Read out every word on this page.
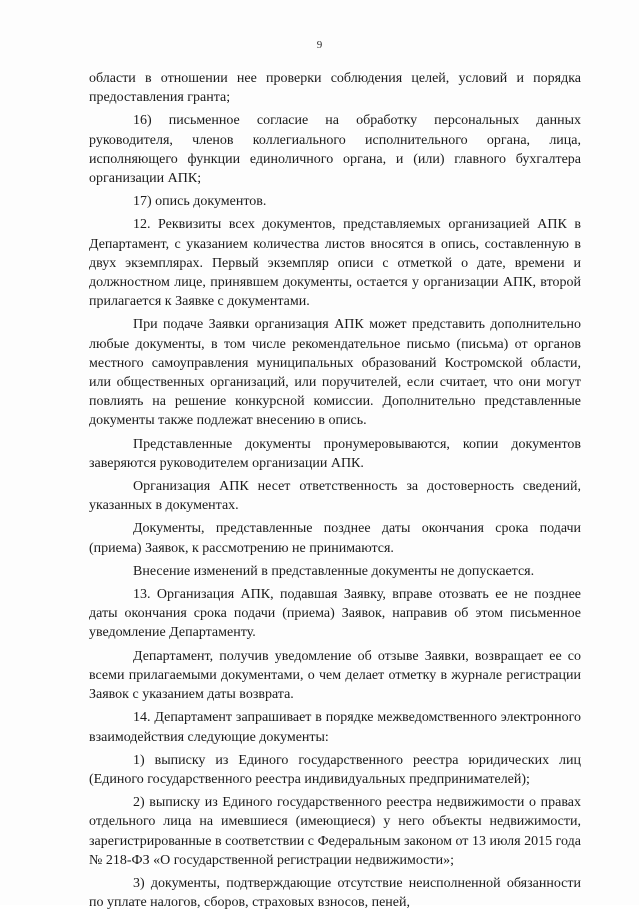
9

области в отношении нее проверки соблюдения целей, условий и порядка предоставления гранта;

16) письменное согласие на обработку персональных данных руководителя, членов коллегиального исполнительного органа, лица, исполняющего функции единоличного органа, и (или) главного бухгалтера организации АПК;

17) опись документов.

12. Реквизиты всех документов, представляемых организацией АПК в Департамент, с указанием количества листов вносятся в опись, составленную в двух экземплярах. Первый экземпляр описи с отметкой о дате, времени и должностном лице, принявшем документы, остается у организации АПК, второй прилагается к Заявке с документами.

При подаче Заявки организация АПК может представить дополнительно любые документы, в том числе рекомендательное письмо (письма) от органов местного самоуправления муниципальных образований Костромской области, или общественных организаций, или поручителей, если считает, что они могут повлиять на решение конкурсной комиссии. Дополнительно представленные документы также подлежат внесению в опись.

Представленные документы пронумеровываются, копии документов заверяются руководителем организации АПК.

Организация АПК несет ответственность за достоверность сведений, указанных в документах.

Документы, представленные позднее даты окончания срока подачи (приема) Заявок, к рассмотрению не принимаются.

Внесение изменений в представленные документы не допускается.

13. Организация АПК, подавшая Заявку, вправе отозвать ее не позднее даты окончания срока подачи (приема) Заявок, направив об этом письменное уведомление Департаменту.

Департамент, получив уведомление об отзыве Заявки, возвращает ее со всеми прилагаемыми документами, о чем делает отметку в журнале регистрации Заявок с указанием даты возврата.

14. Департамент запрашивает в порядке межведомственного электронного взаимодействия следующие документы:

1) выписку из Единого государственного реестра юридических лиц (Единого государственного реестра индивидуальных предпринимателей);

2) выписку из Единого государственного реестра недвижимости о правах отдельного лица на имевшиеся (имеющиеся) у него объекты недвижимости, зарегистрированные в соответствии с Федеральным законом от 13 июля 2015 года № 218-ФЗ «О государственной регистрации недвижимости»;

3) документы, подтверждающие отсутствие неисполненной обязанности по уплате налогов, сборов, страховых взносов, пеней,
